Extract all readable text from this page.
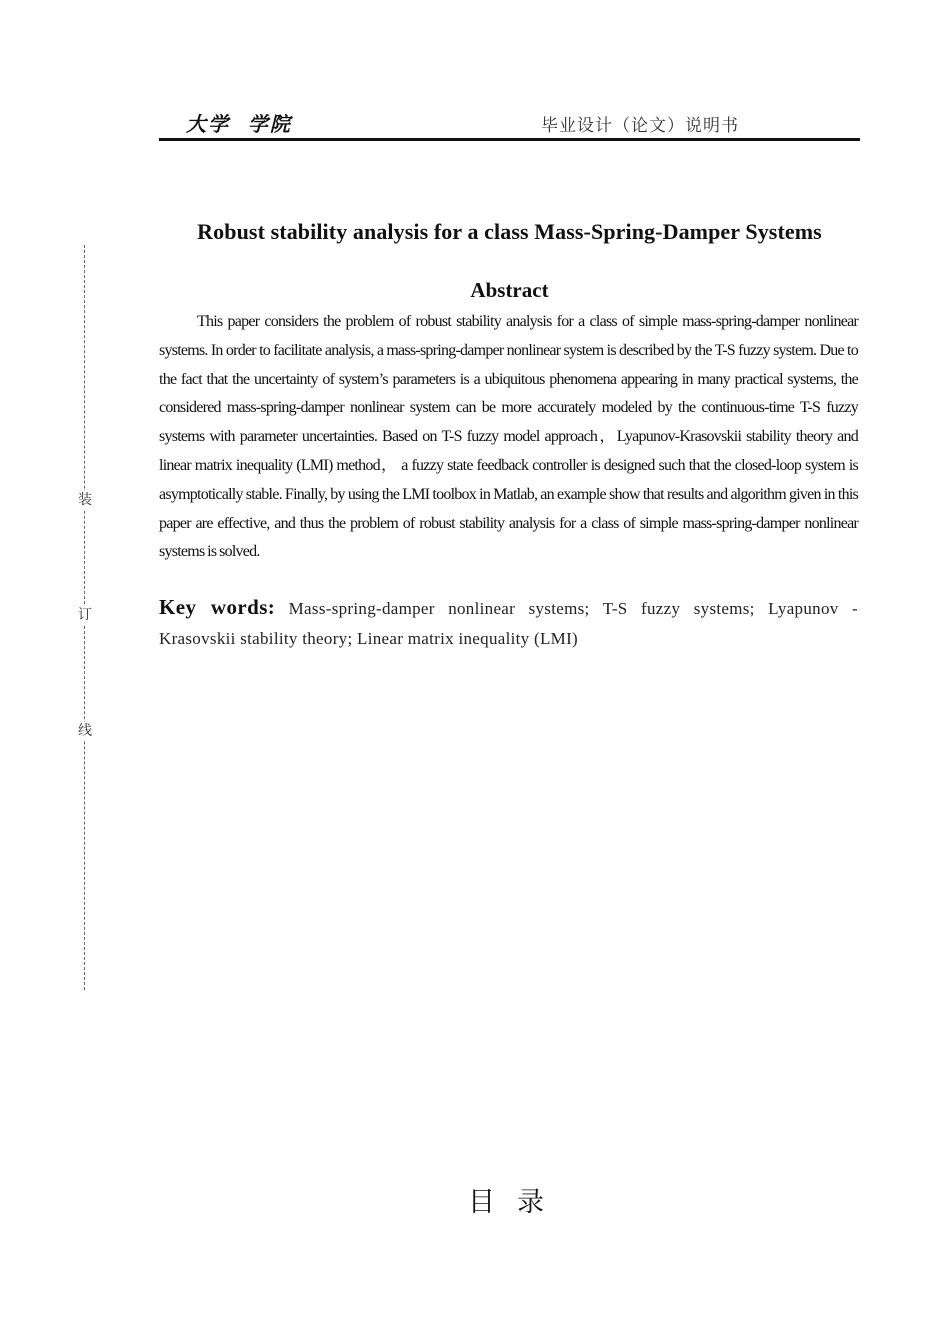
大学  学院	毕业设计（论文）说明书
装
订
线
Robust stability analysis for a class Mass-Spring-Damper Systems
Abstract

This paper considers the problem of robust stability analysis for a class of simple mass-spring-damper nonlinear systems. In order to facilitate analysis, a mass-spring-damper nonlinear system is described by the T-S fuzzy system. Due to the fact that the uncertainty of system’s parameters is a ubiquitous phenomena appearing in many practical systems, the considered mass-spring-damper nonlinear system can be more accurately modeled by the continuous-time T-S fuzzy systems with parameter uncertainties. Based on T-S fuzzy model approach，Lyapunov-Krasovskii stability theory and linear matrix inequality (LMI) method， a fuzzy state feedback controller is designed such that the closed-loop system is asymptotically stable. Finally, by using the LMI toolbox in Matlab, an example show that results and algorithm given in this paper are effective, and thus the problem of robust stability analysis for a class of simple mass-spring-damper nonlinear systems is solved.

Key words: Mass-spring-damper nonlinear systems; T-S fuzzy systems; Lyapunov - Krasovskii stability theory; Linear matrix inequality (LMI)

目录
